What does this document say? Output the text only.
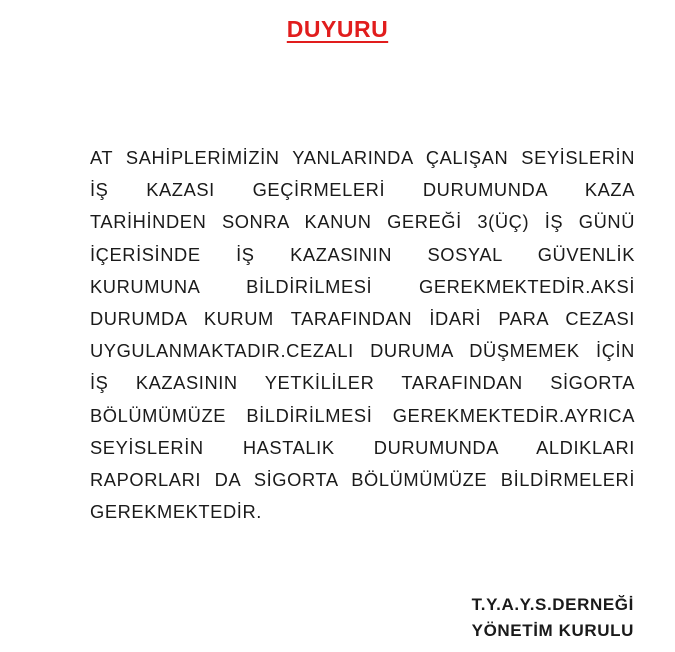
DUYURU
AT SAHİPLERİMİZİN YANLARINDA ÇALIŞAN SEYİSLERİN
İŞ KAZASI GEÇİRMELERİ DURUMUNDA KAZA
TARİHİNDEN SONRA KANUN GEREĞİ 3(ÜÇ) İŞ GÜNÜ
İÇERİSİNDE İŞ KAZASININ SOSYAL GÜVENLİK
KURUMUNA BİLDİRİLMESİ GEREKMEKTEDİR.AKSİ
DURUMDA KURUM TARAFINDAN İDARİ PARA CEZASI
UYGULANMAKTADIR.CEZALI DURUMA DÜŞMEMEK İÇİN
İŞ KAZASININ YETKİLİLER TARAFINDAN SİGORTA
BÖLÜMÜMÜZE BİLDİRİLMESİ GEREKMEKTEDİR.AYRICA
SEYİSLERİN HASTALIK DURUMUNDA ALDIKLARI
RAPORLARI DA SİGORTA BÖLÜMÜMÜZE BİLDİRMELERİ
GEREKMEKTEDİR.
T.Y.A.Y.S.DERNEĞİ
YÖNETİM KURULU
